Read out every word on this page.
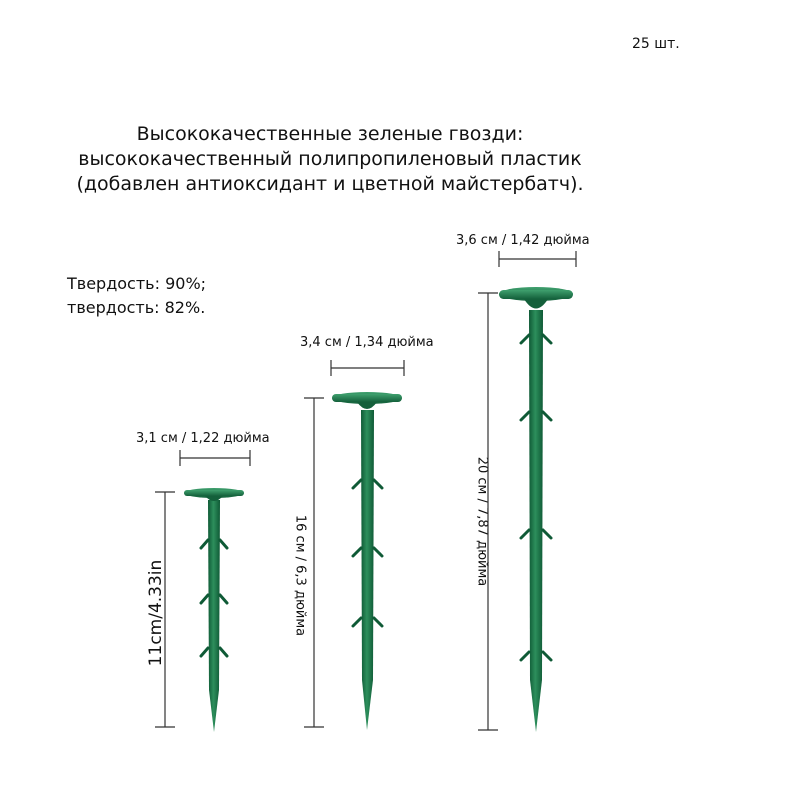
25 шт.
Высококачественные зеленые гвозди:
высококачественный полипропиленовый пластик
(добавлен антиоксидант и цветной майстербатч).
Твердость: 90%;
твердость: 82%.
3,1 см / 1,22 дюйма
3,4 см / 1,34 дюйма
3,6 см / 1,42 дюйма
11cm/4.33in	16 см / 6,3 дюйма	20 см / 7,87 дюйма
